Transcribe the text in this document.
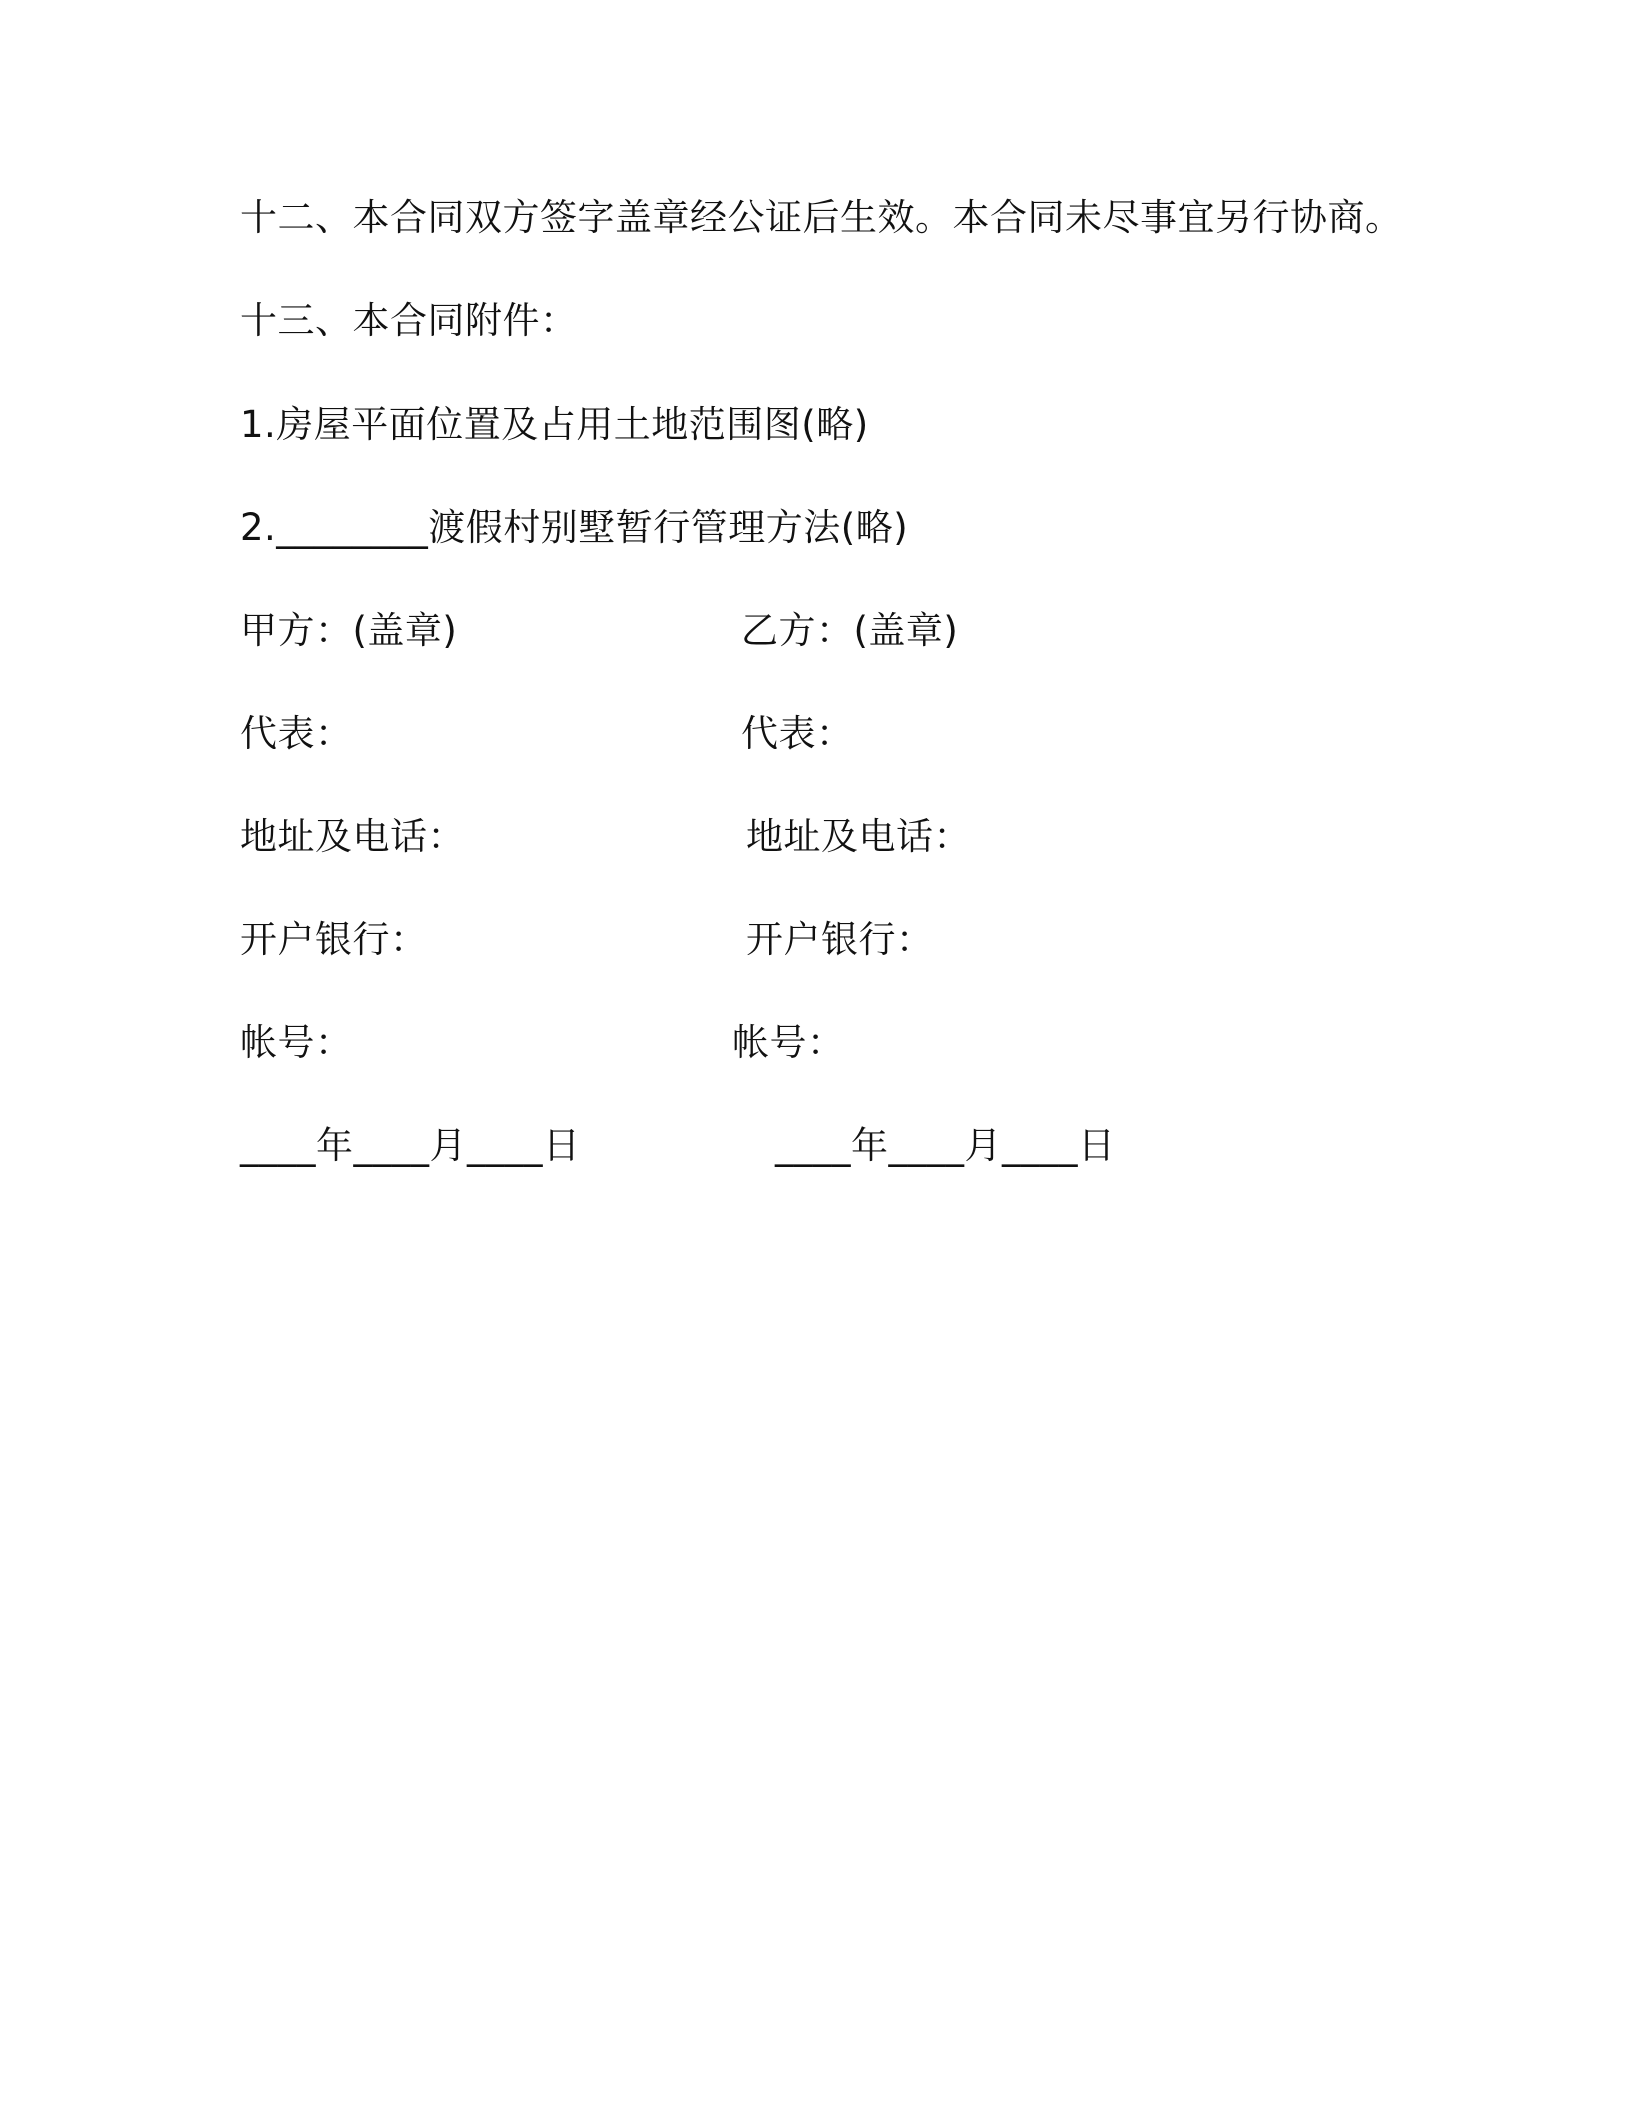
十二、本合同双方签字盖章经公证后生效。本合同未尽事宜另行协商。
十三、本合同附件：
1.房屋平面位置及占用土地范围图(略)
2.________渡假村别墅暂行管理方法(略)
甲方：(盖章)
代表：
地址及电话：
开户银行：
帐号：
____年____月____日
乙方：(盖章)
代表：
地址及电话：
开户银行：
帐号：
____年____月____日
